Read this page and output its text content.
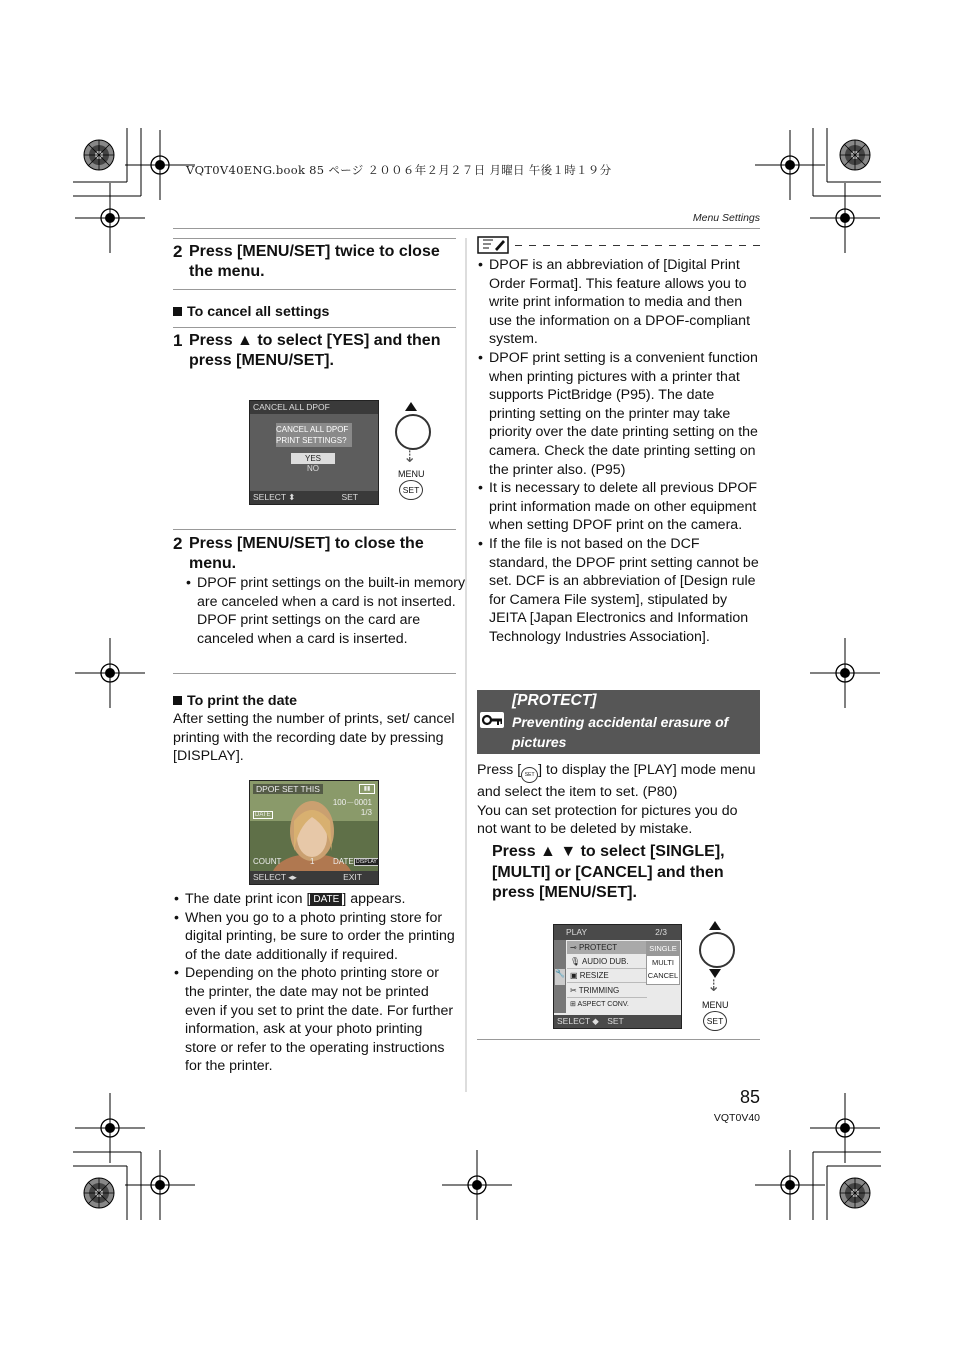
VQT0V40ENG.book 85 ページ ２００６年２月２７日 月曜日 午後１時１９分
Menu Settings
2 Press [MENU/SET] twice to close the menu.
To cancel all settings
1 Press ▲ to select [YES] and then press [MENU/SET].
CANCEL ALL DPOF
CANCEL ALL DPOF
PRINT SETTINGS?
YES
NO
SELECT ⬍	SET
⇣
MENU
SET
2 Press [MENU/SET] to close the menu.
• DPOF print settings on the built-in memory are canceled when a card is not inserted. DPOF print settings on the card are canceled when a card is inserted.
To print the date
After setting the number of prints, set/ cancel printing with the recording date by pressing [DISPLAY].
DPOF SET THIS	▮▮
100－0001
1/3
DATE
COUNT	1 DATE DISPLAY
SELECT ◂▸	EXIT
• The date print icon [ DATE ] appears.
• When you go to a photo printing store for digital printing, be sure to order the printing of the date additionally if required.
• Depending on the photo printing store or the printer, the date may not be printed even if you set to print the date. For further information, ask at your photo printing store or refer to the operating instructions for the printer.
• DPOF is an abbreviation of [Digital Print Order Format]. This feature allows you to write print information to media and then use the information on a DPOF-compliant system.
• DPOF print setting is a convenient function when printing pictures with a printer that supports PictBridge (P95). The date printing setting on the printer may take priority over the date printing setting on the camera. Check the date printing setting on the printer also. (P95)
• It is necessary to delete all previous DPOF print information made on other equipment when setting DPOF print on the camera.
• If the file is not based on the DCF standard, the DPOF print setting cannot be set. DCF is an abbreviation of [Design rule for Camera File system], stipulated by JEITA [Japan Electronics and Information Technology Industries Association].
[PROTECT]
Preventing accidental erasure of pictures
Press [ SET ] to display the [PLAY] mode menu and select the item to set. (P80)
You can set protection for pictures you do not want to be deleted by mistake.
Press ▲ ▼ to select [SINGLE], [MULTI] or [CANCEL] and then press [MENU/SET].
PLAY	2/3
🔧
⊸ PROTECT
🎙 AUDIO DUB.
▣ RESIZE
✂ TRIMMING
⊞ ASPECT CONV.
SINGLE
MULTI
CANCEL
SELECT ◆ SET
⇣
MENU
SET
85
VQT0V40
